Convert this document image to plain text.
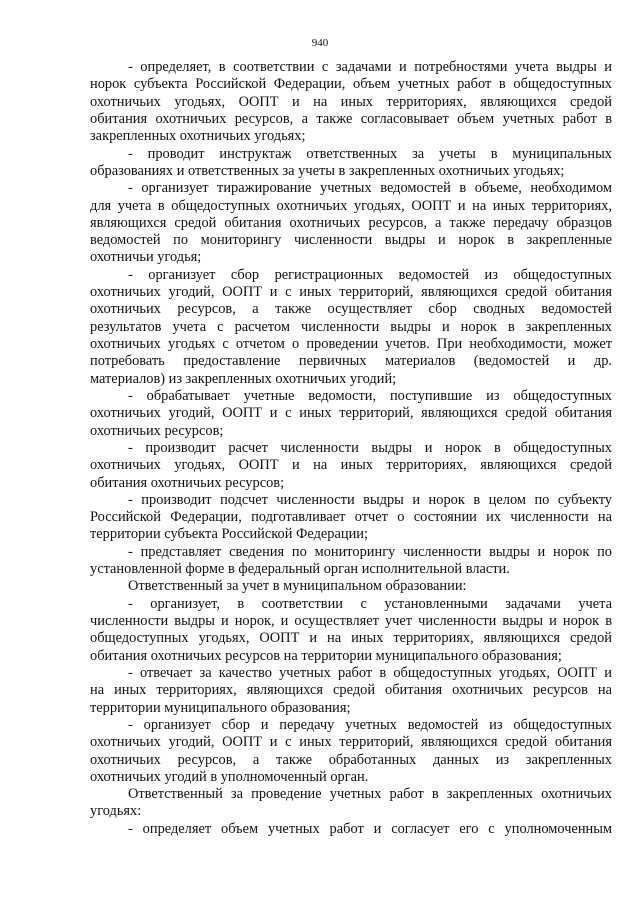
940
- определяет, в соответствии с задачами и потребностями учета выдры и
норок субъекта Российской Федерации, объем учетных работ в общедоступных
охотничьих угодьях, ООПТ и на иных территориях, являющихся средой
обитания охотничьих ресурсов, а также согласовывает объем учетных работ в
закрепленных охотничьих угодьях;
- проводит инструктаж ответственных за учеты в муниципальных
образованиях и ответственных за учеты в закрепленных охотничьих угодьях;
- организует тиражирование учетных ведомостей в объеме, необходимом
для учета в общедоступных охотничьих угодьях, ООПТ и на иных территориях,
являющихся средой обитания охотничьих ресурсов, а также передачу образцов
ведомостей по мониторингу численности выдры и норок в закрепленные
охотничьи угодья;
- организует сбор регистрационных ведомостей из общедоступных
охотничьих угодий, ООПТ и с иных территорий, являющихся средой обитания
охотничьих ресурсов, а также осуществляет сбор сводных ведомостей
результатов учета с расчетом численности выдры и норок в закрепленных
охотничьих угодьях с отчетом о проведении учетов. При необходимости, может
потребовать предоставление первичных материалов (ведомостей и др.
материалов) из закрепленных охотничьих угодий;
- обрабатывает учетные ведомости, поступившие из общедоступных
охотничьих угодий, ООПТ и с иных территорий, являющихся средой обитания
охотничьих ресурсов;
- производит расчет численности выдры и норок в общедоступных
охотничьих угодьях, ООПТ и на иных территориях, являющихся средой
обитания охотничьих ресурсов;
- производит подсчет численности выдры и норок в целом по субъекту
Российской Федерации, подготавливает отчет о состоянии их численности на
территории субъекта Российской Федерации;
- представляет сведения по мониторингу численности выдры и норок по
установленной форме в федеральный орган исполнительной власти.
Ответственный за учет в муниципальном образовании:
- организует, в соответствии с установленными задачами учета
численности выдры и норок, и осуществляет учет численности выдры и норок в
общедоступных угодьях, ООПТ и на иных территориях, являющихся средой
обитания охотничьих ресурсов на территории муниципального образования;
- отвечает за качество учетных работ в общедоступных угодьях, ООПТ и
на иных территориях, являющихся средой обитания охотничьих ресурсов на
территории муниципального образования;
- организует сбор и передачу учетных ведомостей из общедоступных
охотничьих угодий, ООПТ и с иных территорий, являющихся средой обитания
охотничьих ресурсов, а также обработанных данных из закрепленных
охотничьих угодий в уполномоченный орган.
Ответственный за проведение учетных работ в закрепленных охотничьих
угодьях:
- определяет объем учетных работ и согласует его с уполномоченным
